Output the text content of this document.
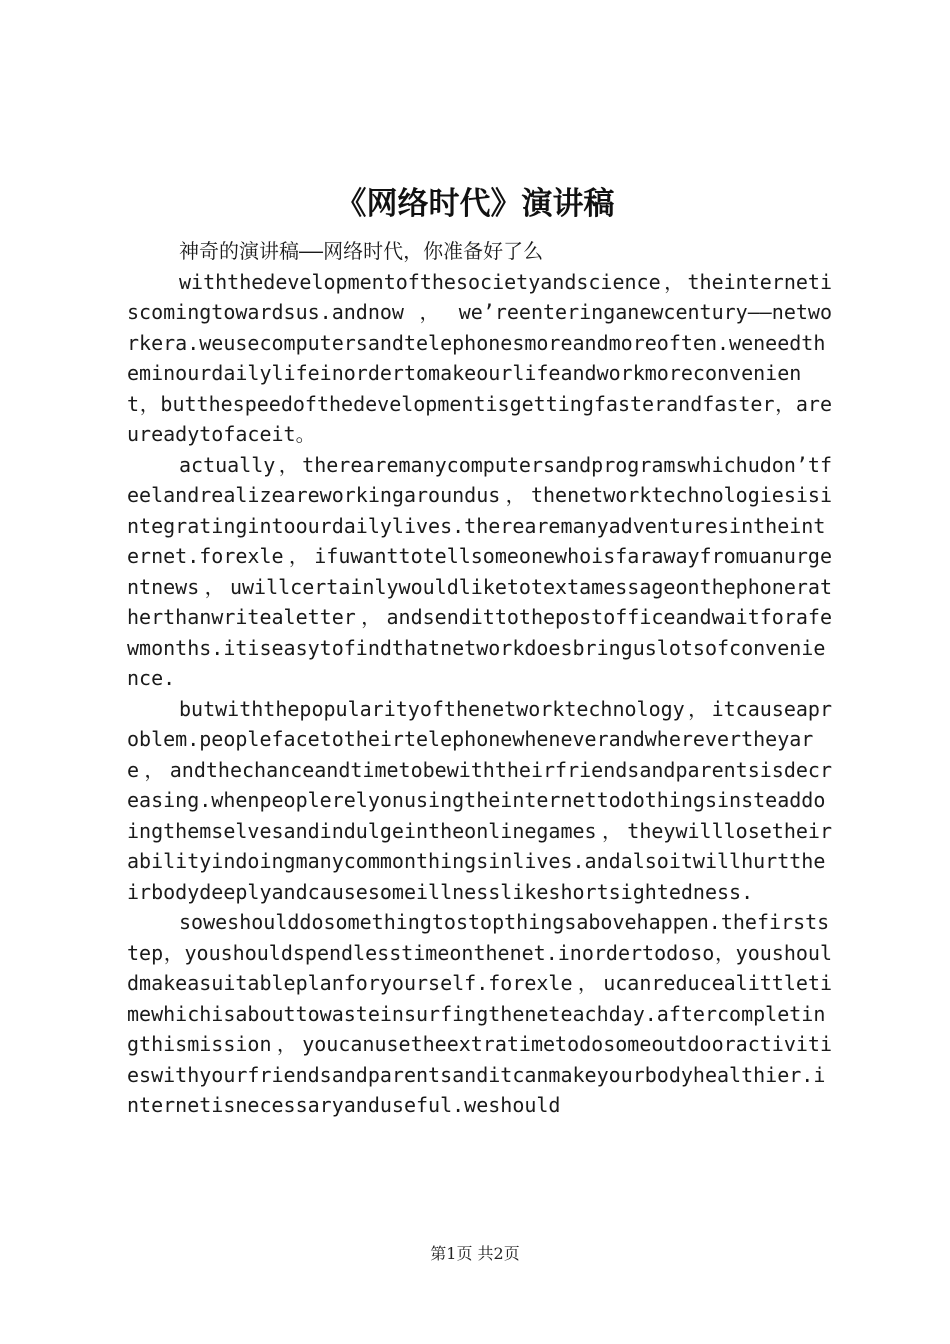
《网络时代》演讲稿

神奇的演讲稿——网络时代，你准备好了么

withthedevelopmentofthesocietyandscience，theinternetiscomingtowardsus.andnow ， we’reenteringanewcentury——networkera.weusecomputersandtelephonesmoreandmoreoften.weneedtheminourdailylifeinordertomakeourlifeandworkmoreconvenient，butthespeedofthedevelopmentisgettingfasterandfaster，areureadytofaceit。

actually，therearemanycomputersandprogramswhichudon’tfeelandrealizeareworkingaroundus，thenetworktechnologiesisintegratingintoourdailylives.therearemanyadventuresintheinternet.forexle，ifuwanttotellsomeonewhoisfarawayfromuanurgentnews，uwillcertainlywouldliketotextamessageonthephoneratherthanwritealetter，andsendittothepostofficeandwaitforafewmonths.itiseasytofindthatnetworkdoesbringuslotsofconvenience.

butwiththepopularityofthenetworktechnology，itcauseaproblem.peoplefacetotheirtelephonewheneverandwherevertheyare，andthechanceandtimetobewiththeirfriendsandparentsisdecreasing.whenpeoplerelyonusingtheinternettodothingsinsteaddoingthemselvesandindulgeintheonlinegames，theywilllosetheirabilityindoingmanycommonthingsinlives.andalsoitwillhurttheirbodydeeplyandcausesomeillnesslikeshortsightedness.

soweshoulddosomethingtostopthingsabovehappen.thefirststep，youshouldspendlesstimeonthenet.inordertodoso，youshouldmakeasuitableplanforyourself.forexle，ucanreducealittletimewhichisabouttowasteinsurfingtheneteachday.aftercompletingthismission，youcanusetheextratimetodosomeoutdooractivitieswithyourfriendsandparentsanditcanmakeyourbodyhealthier.internetisnecessaryanduseful.weshould

第1页 共2页
